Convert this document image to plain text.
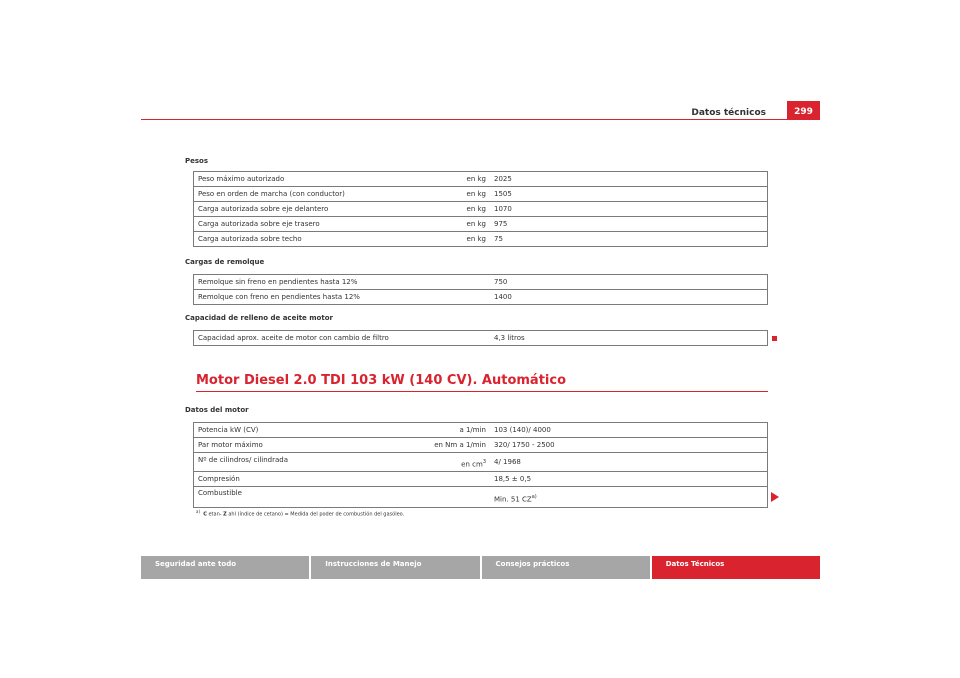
Datos técnicos	299
Pesos
Peso máximo autorizado	en kg	2025
Peso en orden de marcha (con conductor)	en kg	1505
Carga autorizada sobre eje delantero	en kg	1070
Carga autorizada sobre eje trasero	en kg	975
Carga autorizada sobre techo	en kg	75
Cargas de remolque
Remolque sin freno en pendientes hasta 12%		750
Remolque con freno en pendientes hasta 12%		1400
Capacidad de relleno de aceite motor
Capacidad aprox. aceite de motor con cambio de filtro		4,3 litros
Motor Diesel 2.0 TDI 103 kW (140 CV). Automático
Datos del motor
Potencia kW (CV)	a 1/min	103 (140)/ 4000
Par motor máximo	en Nm a 1/min	320/ 1750 - 2500
Nº de cilindros/ cilindrada	en $cm^3$	4/ 1968
Compresión		18,5 ± 0,5
Combustible		Min. 51 CZ$^{a)}$
$^{a)}$  C etan- Z ahl (índice de cetano) = Medida del poder de combustión del gasóleo.
Seguridad ante todo	Instrucciones de Manejo	Consejos prácticos	Datos Técnicos
